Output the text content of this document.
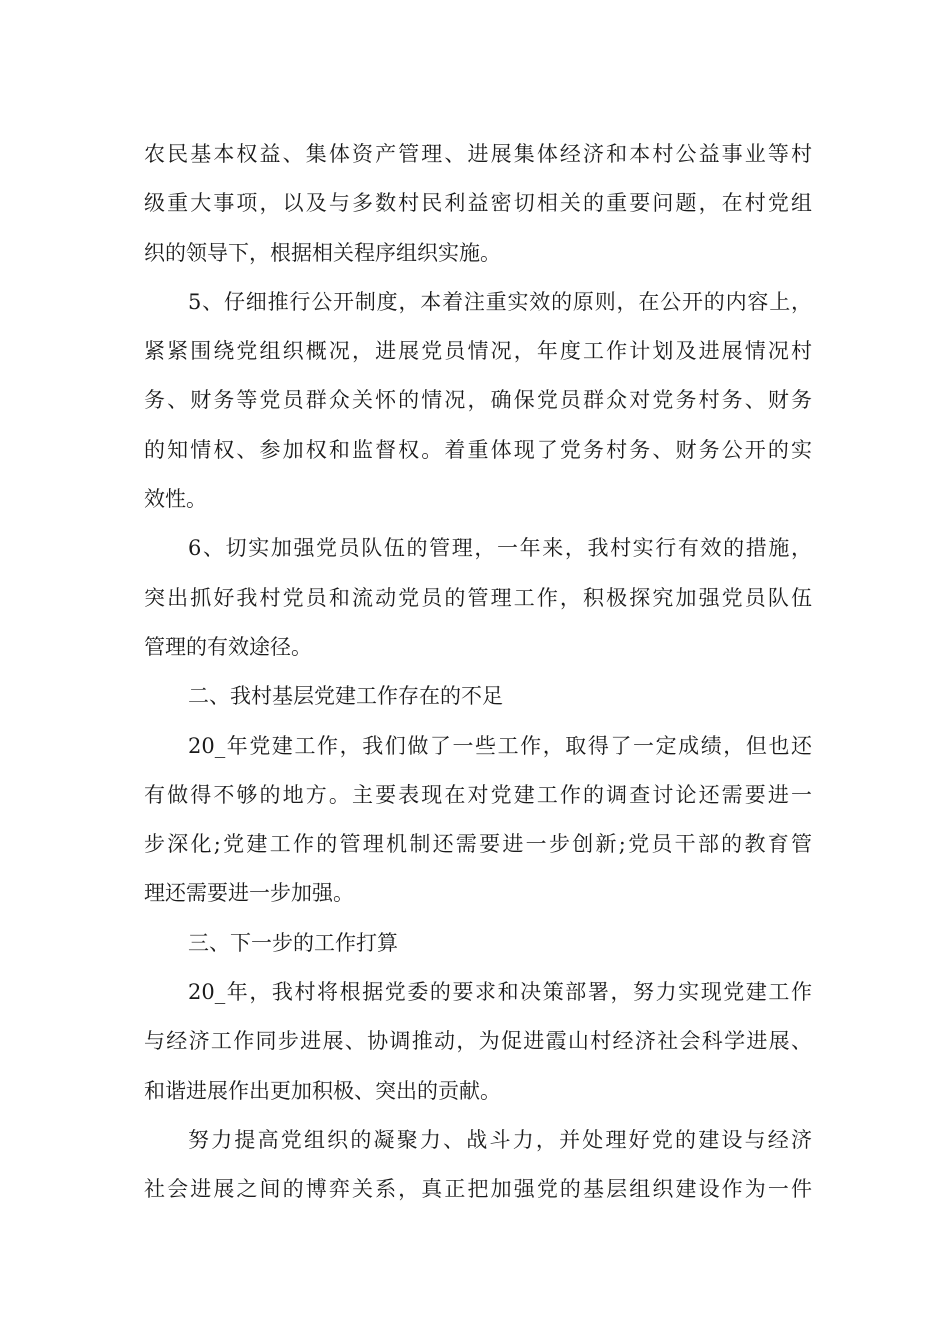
农民基本权益、集体资产管理、进展集体经济和本村公益事业等村
级重大事项，以及与多数村民利益密切相关的重要问题，在村党组
织的领导下，根据相关程序组织实施。
5、仔细推行公开制度，本着注重实效的原则，在公开的内容上，
紧紧围绕党组织概况，进展党员情况，年度工作计划及进展情况村
务、财务等党员群众关怀的情况，确保党员群众对党务村务、财务
的知情权、参加权和监督权。着重体现了党务村务、财务公开的实
效性。
6、切实加强党员队伍的管理，一年来，我村实行有效的措施，
突出抓好我村党员和流动党员的管理工作，积极探究加强党员队伍
管理的有效途径。
二、我村基层党建工作存在的不足
20_年党建工作，我们做了一些工作，取得了一定成绩，但也还
有做得不够的地方。主要表现在对党建工作的调查讨论还需要进一
步深化;党建工作的管理机制还需要进一步创新;党员干部的教育管
理还需要进一步加强。
三、下一步的工作打算
20_年，我村将根据党委的要求和决策部署，努力实现党建工作
与经济工作同步进展、协调推动，为促进霞山村经济社会科学进展、
和谐进展作出更加积极、突出的贡献。
努力提高党组织的凝聚力、战斗力，并处理好党的建设与经济
社会进展之间的博弈关系，真正把加强党的基层组织建设作为一件
